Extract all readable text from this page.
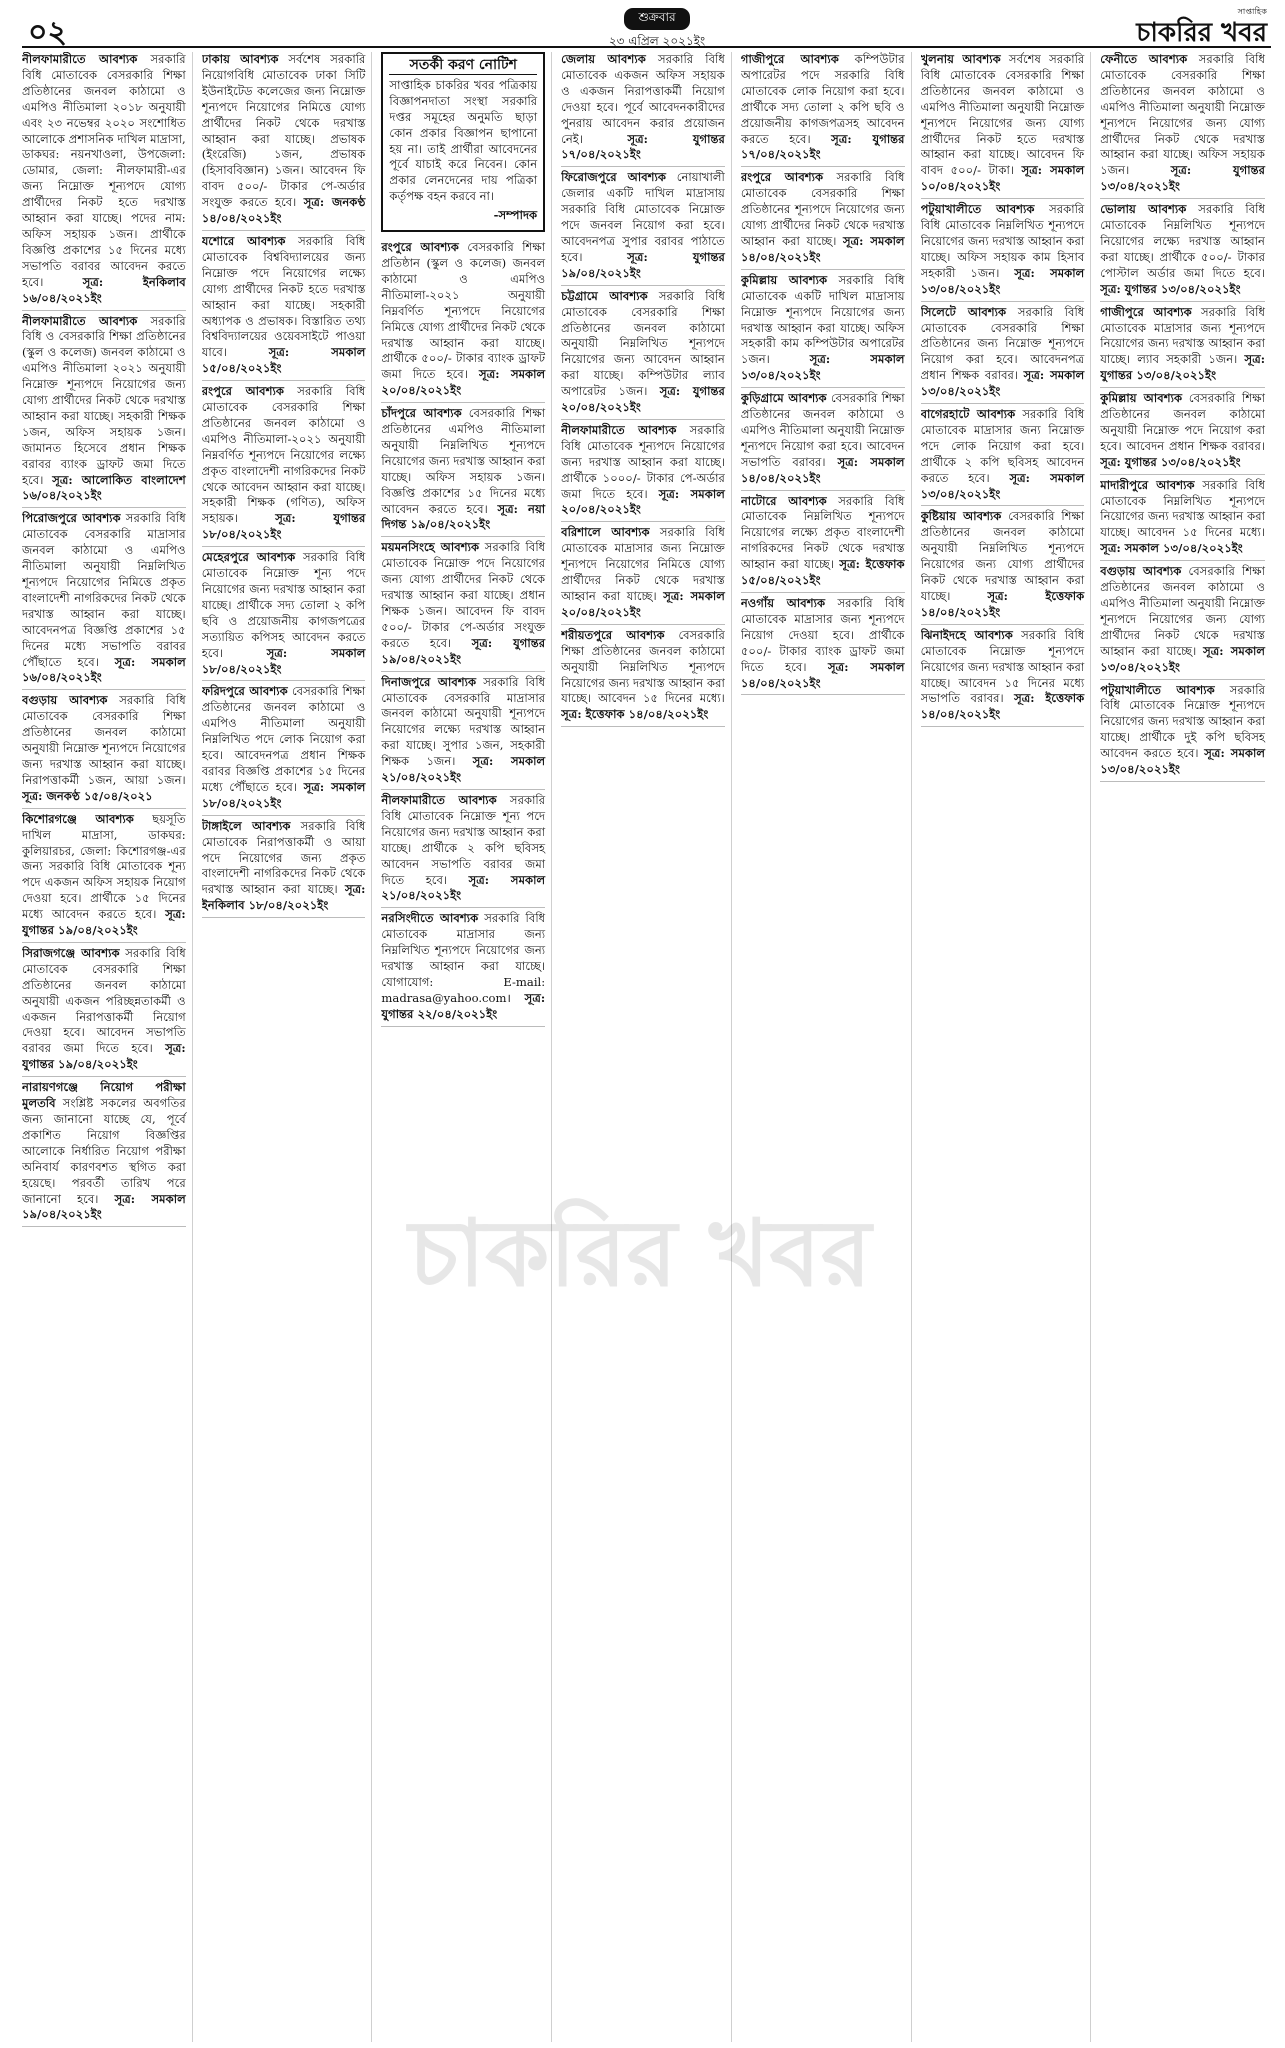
০২	শুক্রবার
২৩ এপ্রিল ২০২১ইং
সাপ্তাহিক
চাকরির খবর

নীলফামারীতে আবশ্যক সরকারি বিধি মোতাবেক বেসরকারি শিক্ষা প্রতিষ্ঠানের জনবল কাঠামো ও এমপিও নীতিমালা ২০১৮ অনুযায়ী এবং ২৩ নভেম্বর ২০২০ সংশোধিত আলোকে প্রশাসনিক দাখিল মাদ্রাসা, ডাকঘর: নয়নখাওলা, উপজেলা: ডোমার, জেলা: নীলফামারী-এর জন্য নিম্নোক্ত শূন্যপদে যোগ্য প্রার্থীদের নিকট হতে দরখাস্ত আহ্বান করা যাচ্ছে। পদের নাম: অফিস সহায়ক ১জন। প্রার্থীকে বিজ্ঞপ্তি প্রকাশের ১৫ দিনের মধ্যে সভাপতি বরাবর আবেদন করতে হবে।	সূত্র: ইনকিলাব ১৬/০৪/২০২১ইং

নীলফামারীতে আবশ্যক সরকারি বিধি ও বেসরকারি শিক্ষা প্রতিষ্ঠানের (স্কুল ও কলেজ) জনবল কাঠামো ও এমপিও নীতিমালা ২০২১ অনুযায়ী নিম্নোক্ত শূন্যপদে নিয়োগের জন্য যোগ্য প্রার্থীদের নিকট থেকে দরখাস্ত আহ্বান করা যাচ্ছে। সহকারী শিক্ষক ১জন, অফিস সহায়ক ১জন। জামানত হিসেবে প্রধান শিক্ষক বরাবর ব্যাংক ড্রাফট জমা দিতে হবে। সূত্র: আলোকিত বাংলাদেশ ১৬/০৪/২০২১ইং

পিরোজপুরে আবশ্যক সরকারি বিধি মোতাবেক বেসরকারি মাদ্রাসার জনবল কাঠামো ও এমপিও নীতিমালা অনুযায়ী নিম্নলিখিত শূন্যপদে নিয়োগের নিমিত্তে প্রকৃত বাংলাদেশী নাগরিকদের নিকট থেকে দরখাস্ত আহ্বান করা যাচ্ছে। আবেদনপত্র বিজ্ঞপ্তি প্রকাশের ১৫ দিনের মধ্যে সভাপতি বরাবর পৌঁছাতে হবে। সূত্র: সমকাল ১৬/০৪/২০২১ইং

বগুড়ায় আবশ্যক সরকারি বিধি মোতাবেক বেসরকারি শিক্ষা প্রতিষ্ঠানের জনবল কাঠামো অনুযায়ী নিম্নোক্ত শূন্যপদে নিয়োগের জন্য দরখাস্ত আহ্বান করা যাচ্ছে। নিরাপত্তাকর্মী ১জন, আয়া ১জন। সূত্র: জনকণ্ঠ ১৫/০৪/২০২১

কিশোরগঞ্জে আবশ্যক ছয়সূতি দাখিল মাদ্রাসা, ডাকঘর: কুলিয়ারচর, জেলা: কিশোরগঞ্জ-এর জন্য সরকারি বিধি মোতাবেক শূন্য পদে একজন অফিস সহায়ক নিয়োগ দেওয়া হবে। প্রার্থীকে ১৫ দিনের মধ্যে আবেদন করতে হবে। সূত্র: যুগান্তর ১৯/০৪/২০২১ইং

সিরাজগঞ্জে আবশ্যক সরকারি বিধি মোতাবেক বেসরকারি শিক্ষা প্রতিষ্ঠানের জনবল কাঠামো অনুযায়ী একজন পরিচ্ছন্নতাকর্মী ও একজন নিরাপত্তাকর্মী নিয়োগ দেওয়া হবে। আবেদন সভাপতি বরাবর জমা দিতে হবে। সূত্র: যুগান্তর ১৯/০৪/২০২১ইং

নারায়ণগঞ্জে নিয়োগ পরীক্ষা মুলতবি সংশ্লিষ্ট সকলের অবগতির জন্য জানানো যাচ্ছে যে, পূর্বে প্রকাশিত নিয়োগ বিজ্ঞপ্তির আলোকে নির্ধারিত নিয়োগ পরীক্ষা অনিবার্য কারণবশত স্থগিত করা হয়েছে। পরবর্তী তারিখ পরে জানানো হবে। সূত্র: সমকাল ১৯/০৪/২০২১ইং

ঢাকায় আবশ্যক সর্বশেষ সরকারি নিয়োগবিধি মোতাবেক ঢাকা সিটি ইউনাইটেড কলেজের জন্য নিম্নোক্ত শূন্যপদে নিয়োগের নিমিত্তে যোগ্য প্রার্থীদের নিকট থেকে দরখাস্ত আহ্বান করা যাচ্ছে। প্রভাষক (ইংরেজি) ১জন, প্রভাষক (হিসাববিজ্ঞান) ১জন। আবেদন ফি বাবদ ৫০০/- টাকার পে-অর্ডার সংযুক্ত করতে হবে। সূত্র: জনকণ্ঠ ১৪/০৪/২০২১ইং

যশোরে আবশ্যক সরকারি বিধি মোতাবেক বিশ্ববিদ্যালয়ের জন্য নিম্নোক্ত পদে নিয়োগের লক্ষ্যে যোগ্য প্রার্থীদের নিকট হতে দরখাস্ত আহ্বান করা যাচ্ছে। সহকারী অধ্যাপক ও প্রভাষক। বিস্তারিত তথ্য বিশ্ববিদ্যালয়ের ওয়েবসাইটে পাওয়া যাবে।	সূত্র: সমকাল ১৫/০৪/২০২১ইং

রংপুরে আবশ্যক সরকারি বিধি মোতাবেক বেসরকারি শিক্ষা প্রতিষ্ঠানের জনবল কাঠামো ও এমপিও নীতিমালা-২০২১ অনুযায়ী নিম্নবর্ণিত শূন্যপদে নিয়োগের লক্ষ্যে প্রকৃত বাংলাদেশী নাগরিকদের নিকট থেকে আবেদন আহ্বান করা যাচ্ছে। সহকারী শিক্ষক (গণিত), অফিস সহায়ক।	সূত্র: যুগান্তর ১৮/০৪/২০২১ইং

মেহেরপুরে আবশ্যক সরকারি বিধি মোতাবেক নিম্নোক্ত শূন্য পদে নিয়োগের জন্য দরখাস্ত আহ্বান করা যাচ্ছে। প্রার্থীকে সদ্য তোলা ২ কপি ছবি ও প্রয়োজনীয় কাগজপত্রের সত্যায়িত কপিসহ আবেদন করতে হবে।	সূত্র: সমকাল ১৮/০৪/২০২১ইং

ফরিদপুরে আবশ্যক বেসরকারি শিক্ষা প্রতিষ্ঠানের জনবল কাঠামো ও এমপিও নীতিমালা অনুযায়ী নিম্নলিখিত পদে লোক নিয়োগ করা হবে। আবেদনপত্র প্রধান শিক্ষক বরাবর বিজ্ঞপ্তি প্রকাশের ১৫ দিনের মধ্যে পৌঁছাতে হবে। সূত্র: সমকাল ১৮/০৪/২০২১ইং

টাঙ্গাইলে আবশ্যক সরকারি বিধি মোতাবেক নিরাপত্তাকর্মী ও আয়া পদে নিয়োগের জন্য প্রকৃত বাংলাদেশী নাগরিকদের নিকট থেকে দরখাস্ত আহ্বান করা যাচ্ছে। সূত্র: ইনকিলাব ১৮/০৪/২০২১ইং

সতর্কী করণ নোটিশ
সাপ্তাহিক চাকরির খবর পত্রিকায় বিজ্ঞাপনদাতা সংস্থা সরকারি দপ্তর সমূহের অনুমতি ছাড়া কোন প্রকার বিজ্ঞাপন ছাপানো হয় না। তাই প্রার্থীরা আবেদনের পূর্বে যাচাই করে নিবেন। কোন প্রকার লেনদেনের দায় পত্রিকা কর্তৃপক্ষ বহন করবে না।
-সম্পাদক

রংপুরে আবশ্যক বেসরকারি শিক্ষা প্রতিষ্ঠান (স্কুল ও কলেজ) জনবল কাঠামো ও এমপিও নীতিমালা-২০২১ অনুযায়ী নিম্নবর্ণিত শূন্যপদে নিয়োগের নিমিত্তে যোগ্য প্রার্থীদের নিকট থেকে দরখাস্ত আহ্বান করা যাচ্ছে। প্রার্থীকে ৫০০/- টাকার ব্যাংক ড্রাফট জমা দিতে হবে। সূত্র: সমকাল ২০/০৪/২০২১ইং

চাঁদপুরে আবশ্যক বেসরকারি শিক্ষা প্রতিষ্ঠানের এমপিও নীতিমালা অনুযায়ী নিম্নলিখিত শূন্যপদে নিয়োগের জন্য দরখাস্ত আহ্বান করা যাচ্ছে। অফিস সহায়ক ১জন। বিজ্ঞপ্তি প্রকাশের ১৫ দিনের মধ্যে আবেদন করতে হবে। সূত্র: নয়া দিগন্ত ১৯/০৪/২০২১ইং

ময়মনসিংহে আবশ্যক সরকারি বিধি মোতাবেক নিম্নোক্ত পদে নিয়োগের জন্য যোগ্য প্রার্থীদের নিকট থেকে দরখাস্ত আহ্বান করা যাচ্ছে। প্রধান শিক্ষক ১জন। আবেদন ফি বাবদ ৫০০/- টাকার পে-অর্ডার সংযুক্ত করতে হবে। সূত্র: যুগান্তর ১৯/০৪/২০২১ইং

দিনাজপুরে আবশ্যক সরকারি বিধি মোতাবেক বেসরকারি মাদ্রাসার জনবল কাঠামো অনুযায়ী শূন্যপদে নিয়োগের লক্ষ্যে দরখাস্ত আহ্বান করা যাচ্ছে। সুপার ১জন, সহকারী শিক্ষক ১জন। সূত্র: সমকাল ২১/০৪/২০২১ইং

নীলফামারীতে আবশ্যক সরকারি বিধি মোতাবেক নিম্নোক্ত শূন্য পদে নিয়োগের জন্য দরখাস্ত আহ্বান করা যাচ্ছে। প্রার্থীকে ২ কপি ছবিসহ আবেদন সভাপতি বরাবর জমা দিতে হবে। সূত্র: সমকাল ২১/০৪/২০২১ইং

নরসিংদীতে আবশ্যক সরকারি বিধি মোতাবেক মাদ্রাসার জন্য নিম্নলিখিত শূন্যপদে নিয়োগের জন্য দরখাস্ত আহ্বান করা যাচ্ছে। যোগাযোগ: E-mail: madrasa@yahoo.com। সূত্র: যুগান্তর ২২/০৪/২০২১ইং

জেলায় আবশ্যক সরকারি বিধি মোতাবেক একজন অফিস সহায়ক ও একজন নিরাপত্তাকর্মী নিয়োগ দেওয়া হবে। পূর্বে আবেদনকারীদের পুনরায় আবেদন করার প্রয়োজন নেই।	সূত্র: যুগান্তর ১৭/০৪/২০২১ইং

ফিরোজপুরে আবশ্যক নোয়াখালী জেলার একটি দাখিল মাদ্রাসায় সরকারি বিধি মোতাবেক নিম্নোক্ত পদে জনবল নিয়োগ করা হবে। আবেদনপত্র সুপার বরাবর পাঠাতে হবে।	সূত্র: যুগান্তর ১৯/০৪/২০২১ইং

চট্টগ্রামে আবশ্যক সরকারি বিধি মোতাবেক বেসরকারি শিক্ষা প্রতিষ্ঠানের জনবল কাঠামো অনুযায়ী নিম্নলিখিত শূন্যপদে নিয়োগের জন্য আবেদন আহ্বান করা যাচ্ছে। কম্পিউটার ল্যাব অপারেটর ১জন। সূত্র: যুগান্তর ২০/০৪/২০২১ইং

নীলফামারীতে আবশ্যক সরকারি বিধি মোতাবেক শূন্যপদে নিয়োগের জন্য দরখাস্ত আহ্বান করা যাচ্ছে। প্রার্থীকে ১০০০/- টাকার পে-অর্ডার জমা দিতে হবে। সূত্র: সমকাল ২০/০৪/২০২১ইং

বরিশালে আবশ্যক সরকারি বিধি মোতাবেক মাদ্রাসার জন্য নিম্নোক্ত শূন্যপদে নিয়োগের নিমিত্তে যোগ্য প্রার্থীদের নিকট থেকে দরখাস্ত আহ্বান করা যাচ্ছে। সূত্র: সমকাল ২০/০৪/২০২১ইং

শরীয়তপুরে আবশ্যক বেসরকারি শিক্ষা প্রতিষ্ঠানের জনবল কাঠামো অনুযায়ী নিম্নলিখিত শূন্যপদে নিয়োগের জন্য দরখাস্ত আহ্বান করা যাচ্ছে। আবেদন ১৫ দিনের মধ্যে। সূত্র: ইত্তেফাক ১৪/০৪/২০২১ইং

গাজীপুরে আবশ্যক কম্পিউটার অপারেটর পদে সরকারি বিধি মোতাবেক লোক নিয়োগ করা হবে। প্রার্থীকে সদ্য তোলা ২ কপি ছবি ও প্রয়োজনীয় কাগজপত্রসহ আবেদন করতে হবে। সূত্র: যুগান্তর ১৭/০৪/২০২১ইং

রংপুরে আবশ্যক সরকারি বিধি মোতাবেক বেসরকারি শিক্ষা প্রতিষ্ঠানের শূন্যপদে নিয়োগের জন্য যোগ্য প্রার্থীদের নিকট থেকে দরখাস্ত আহ্বান করা যাচ্ছে। সূত্র: সমকাল ১৪/০৪/২০২১ইং

কুমিল্লায় আবশ্যক সরকারি বিধি মোতাবেক একটি দাখিল মাদ্রাসায় নিম্নোক্ত শূন্যপদে নিয়োগের জন্য দরখাস্ত আহ্বান করা যাচ্ছে। অফিস সহকারী কাম কম্পিউটার অপারেটর ১জন।	সূত্র: সমকাল ১৩/০৪/২০২১ইং

কুড়িগ্রামে আবশ্যক বেসরকারি শিক্ষা প্রতিষ্ঠানের জনবল কাঠামো ও এমপিও নীতিমালা অনুযায়ী নিম্নোক্ত শূন্যপদে নিয়োগ করা হবে। আবেদন সভাপতি বরাবর। সূত্র: সমকাল ১৪/০৪/২০২১ইং

নাটোরে আবশ্যক সরকারি বিধি মোতাবেক নিম্নলিখিত শূন্যপদে নিয়োগের লক্ষ্যে প্রকৃত বাংলাদেশী নাগরিকদের নিকট থেকে দরখাস্ত আহ্বান করা যাচ্ছে। সূত্র: ইত্তেফাক ১৫/০৪/২০২১ইং

নওগাঁয় আবশ্যক সরকারি বিধি মোতাবেক মাদ্রাসার জন্য শূন্যপদে নিয়োগ দেওয়া হবে। প্রার্থীকে ৫০০/- টাকার ব্যাংক ড্রাফট জমা দিতে হবে। সূত্র: সমকাল ১৪/০৪/২০২১ইং

খুলনায় আবশ্যক সর্বশেষ সরকারি বিধি মোতাবেক বেসরকারি শিক্ষা প্রতিষ্ঠানের জনবল কাঠামো ও এমপিও নীতিমালা অনুযায়ী নিম্নোক্ত শূন্যপদে নিয়োগের জন্য যোগ্য প্রার্থীদের নিকট হতে দরখাস্ত আহ্বান করা যাচ্ছে। আবেদন ফি বাবদ ৫০০/- টাকা। সূত্র: সমকাল ১০/০৪/২০২১ইং

পটুয়াখালীতে আবশ্যক সরকারি বিধি মোতাবেক নিম্নলিখিত শূন্যপদে নিয়োগের জন্য দরখাস্ত আহ্বান করা যাচ্ছে। অফিস সহায়ক কাম হিসাব সহকারী ১জন। সূত্র: সমকাল ১৩/০৪/২০২১ইং

সিলেটে আবশ্যক সরকারি বিধি মোতাবেক বেসরকারি শিক্ষা প্রতিষ্ঠানের জন্য নিম্নোক্ত শূন্যপদে নিয়োগ করা হবে। আবেদনপত্র প্রধান শিক্ষক বরাবর। সূত্র: সমকাল ১৩/০৪/২০২১ইং

বাগেরহাটে আবশ্যক সরকারি বিধি মোতাবেক মাদ্রাসার জন্য নিম্নোক্ত পদে লোক নিয়োগ করা হবে। প্রার্থীকে ২ কপি ছবিসহ আবেদন করতে হবে। সূত্র: সমকাল ১৩/০৪/২০২১ইং

কুষ্টিয়ায় আবশ্যক বেসরকারি শিক্ষা প্রতিষ্ঠানের জনবল কাঠামো অনুযায়ী নিম্নলিখিত শূন্যপদে নিয়োগের জন্য যোগ্য প্রার্থীদের নিকট থেকে দরখাস্ত আহ্বান করা যাচ্ছে।	সূত্র: ইত্তেফাক ১৪/০৪/২০২১ইং

ঝিনাইদহে আবশ্যক সরকারি বিধি মোতাবেক নিম্নোক্ত শূন্যপদে নিয়োগের জন্য দরখাস্ত আহ্বান করা যাচ্ছে। আবেদন ১৫ দিনের মধ্যে সভাপতি বরাবর। সূত্র: ইত্তেফাক ১৪/০৪/২০২১ইং

ফেনীতে আবশ্যক সরকারি বিধি মোতাবেক বেসরকারি শিক্ষা প্রতিষ্ঠানের জনবল কাঠামো ও এমপিও নীতিমালা অনুযায়ী নিম্নোক্ত শূন্যপদে নিয়োগের জন্য যোগ্য প্রার্থীদের নিকট থেকে দরখাস্ত আহ্বান করা যাচ্ছে। অফিস সহায়ক ১জন।	সূত্র: যুগান্তর ১৩/০৪/২০২১ইং

ভোলায় আবশ্যক সরকারি বিধি মোতাবেক নিম্নলিখিত শূন্যপদে নিয়োগের লক্ষ্যে দরখাস্ত আহ্বান করা যাচ্ছে। প্রার্থীকে ৫০০/- টাকার পোস্টাল অর্ডার জমা দিতে হবে। সূত্র: যুগান্তর ১৩/০৪/২০২১ইং

গাজীপুরে আবশ্যক সরকারি বিধি মোতাবেক মাদ্রাসার জন্য শূন্যপদে নিয়োগের জন্য দরখাস্ত আহ্বান করা যাচ্ছে। ল্যাব সহকারী ১জন। সূত্র: যুগান্তর ১৩/০৪/২০২১ইং

কুমিল্লায় আবশ্যক বেসরকারি শিক্ষা প্রতিষ্ঠানের জনবল কাঠামো অনুযায়ী নিম্নোক্ত পদে নিয়োগ করা হবে। আবেদন প্রধান শিক্ষক বরাবর। সূত্র: যুগান্তর ১৩/০৪/২০২১ইং

মাদারীপুরে আবশ্যক সরকারি বিধি মোতাবেক নিম্নলিখিত শূন্যপদে নিয়োগের জন্য দরখাস্ত আহ্বান করা যাচ্ছে। আবেদন ১৫ দিনের মধ্যে। সূত্র: সমকাল ১৩/০৪/২০২১ইং

বগুড়ায় আবশ্যক বেসরকারি শিক্ষা প্রতিষ্ঠানের জনবল কাঠামো ও এমপিও নীতিমালা অনুযায়ী নিম্নোক্ত শূন্যপদে নিয়োগের জন্য যোগ্য প্রার্থীদের নিকট থেকে দরখাস্ত আহ্বান করা যাচ্ছে। সূত্র: সমকাল ১৩/০৪/২০২১ইং

পটুয়াখালীতে আবশ্যক সরকারি বিধি মোতাবেক নিম্নোক্ত শূন্যপদে নিয়োগের জন্য দরখাস্ত আহ্বান করা যাচ্ছে। প্রার্থীকে দুই কপি ছবিসহ আবেদন করতে হবে। সূত্র: সমকাল ১৩/০৪/২০২১ইং

চাকরির খবর
